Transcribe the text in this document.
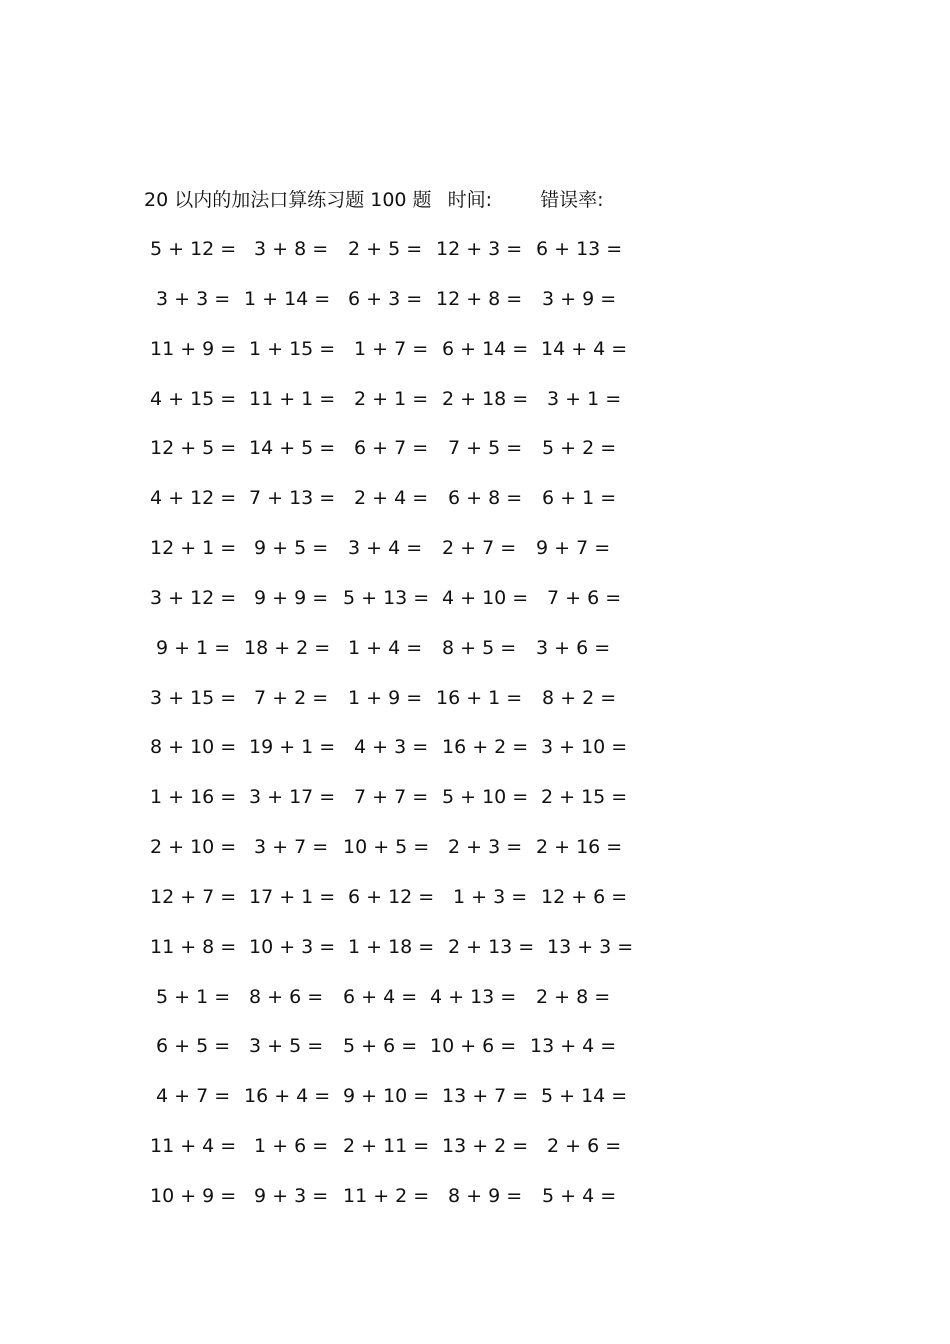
20 以内的加法口算练习题 100 题 时间:	错误率:
5 + 12 = 3 + 8 = 2 + 5 = 12 + 3 = 6 + 13 =
3 + 3 = 1 + 14 = 6 + 3 = 12 + 8 = 3 + 9 =
11 + 9 = 1 + 15 = 1 + 7 = 6 + 14 = 14 + 4 =
4 + 15 = 11 + 1 = 2 + 1 = 2 + 18 = 3 + 1 =
12 + 5 = 14 + 5 = 6 + 7 = 7 + 5 = 5 + 2 =
4 + 12 = 7 + 13 = 2 + 4 = 6 + 8 = 6 + 1 =
12 + 1 = 9 + 5 = 3 + 4 = 2 + 7 = 9 + 7 =
3 + 12 = 9 + 9 = 5 + 13 = 4 + 10 = 7 + 6 =
9 + 1 = 18 + 2 = 1 + 4 = 8 + 5 = 3 + 6 =
3 + 15 = 7 + 2 = 1 + 9 = 16 + 1 = 8 + 2 =
8 + 10 = 19 + 1 = 4 + 3 = 16 + 2 = 3 + 10 =
1 + 16 = 3 + 17 = 7 + 7 = 5 + 10 = 2 + 15 =
2 + 10 = 3 + 7 = 10 + 5 = 2 + 3 = 2 + 16 =
12 + 7 = 17 + 1 = 6 + 12 = 1 + 3 = 12 + 6 =
11 + 8 = 10 + 3 = 1 + 18 = 2 + 13 = 13 + 3 =
5 + 1 = 8 + 6 = 6 + 4 = 4 + 13 = 2 + 8 =
6 + 5 = 3 + 5 = 5 + 6 = 10 + 6 = 13 + 4 =
4 + 7 = 16 + 4 = 9 + 10 = 13 + 7 = 5 + 14 =
11 + 4 = 1 + 6 = 2 + 11 = 13 + 2 = 2 + 6 =
10 + 9 = 9 + 3 = 11 + 2 = 8 + 9 = 5 + 4 =
